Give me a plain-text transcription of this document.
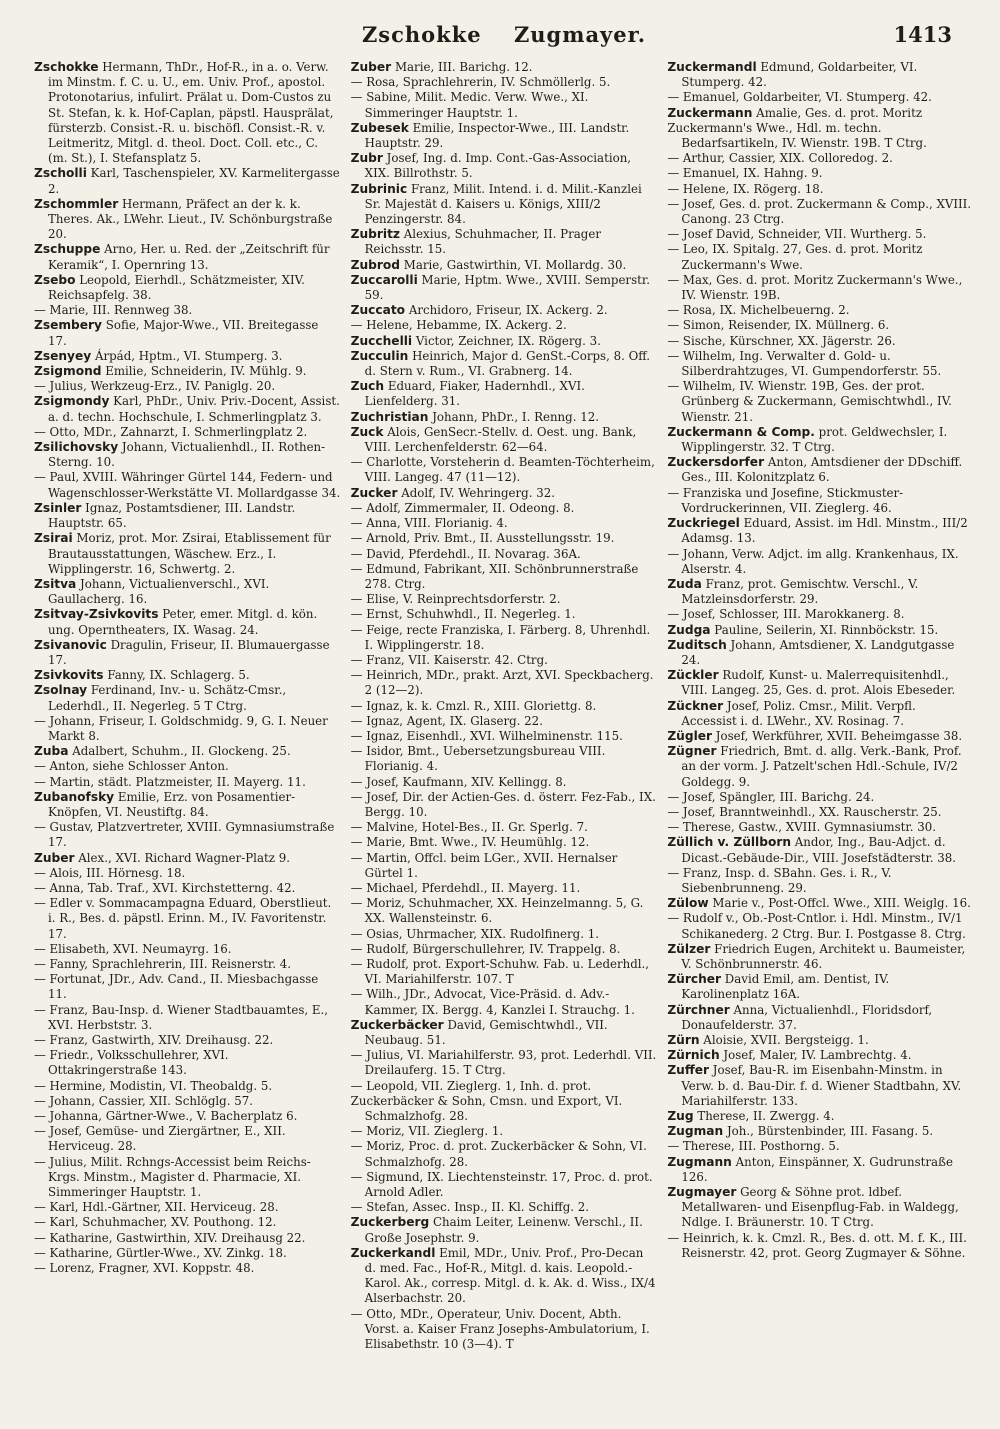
Zschokke Zugmayer.	1413

Zschokke Hermann, ThDr., Hof-R., in a. o. Verw. im Minstm. f. C. u. U., em. Univ. Prof., apostol. Protonotarius, infulirt. Prälat u. Dom-Custos zu St. Stefan, k. k. Hof-Caplan, päpstl. Hausprälat, fürsterzb. Consist.-R. u. bischöfl. Consist.-R. v. Leitmeritz, Mitgl. d. theol. Doct. Coll. etc., C. (m. St.), I. Stefansplatz 5.

Zscholli Karl, Taschenspieler, XV. Karmelitergasse 2.

Zschommler Hermann, Präfect an der k. k. Theres. Ak., LWehr. Lieut., IV. Schönburgstraße 20.

Zschuppe Arno, Her. u. Red. der „Zeitschrift für Keramik“, I. Opernring 13.

Zsebo Leopold, Eierhdl., Schätzmeister, XIV. Reichsapfelg. 38.

— Marie, III. Rennweg 38.

Zsembery Sofie, Major-Wwe., VII. Breitegasse 17.

Zsenyey Árpád, Hptm., VI. Stumperg. 3.

Zsigmond Emilie, Schneiderin, IV. Mühlg. 9.

— Julius, Werkzeug-Erz., IV. Paniglg. 20.

Zsigmondy Karl, PhDr., Univ. Priv.-Docent, Assist. a. d. techn. Hochschule, I. Schmerlingplatz 3.

— Otto, MDr., Zahnarzt, I. Schmerlingplatz 2.

Zsilichovsky Johann, Victualienhdl., II. Rothen-Sterng. 10.

— Paul, XVIII. Währinger Gürtel 144, Federn- und Wagenschlosser-Werkstätte VI. Mollardgasse 34.

Zsinler Ignaz, Postamtsdiener, III. Landstr. Hauptstr. 65.

Zsirai Moriz, prot. Mor. Zsirai, Etablissement für Brautausstattungen, Wäschew. Erz., I. Wipplingerstr. 16, Schwertg. 2.

Zsitva Johann, Victualienverschl., XVI. Gaullacherg. 16.

Zsitvay-Zsivkovits Peter, emer. Mitgl. d. kön. ung. Operntheaters, IX. Wasag. 24.

Zsivanovic Dragulin, Friseur, II. Blumauergasse 17.

Zsivkovits Fanny, IX. Schlagerg. 5.

Zsolnay Ferdinand, Inv.- u. Schätz-Cmsr., Lederhdl., II. Negerleg. 5 T Ctrg.

— Johann, Friseur, I. Goldschmidg. 9, G. I. Neuer Markt 8.

Zuba Adalbert, Schuhm., II. Glockeng. 25.

— Anton, siehe Schlosser Anton.

— Martin, städt. Platzmeister, II. Mayerg. 11.

Zubanofsky Emilie, Erz. von Posamentier-Knöpfen, VI. Neustiftg. 84.

— Gustav, Platzvertreter, XVIII. Gymnasiumstraße 17.

Zuber Alex., XVI. Richard Wagner-Platz 9.

— Alois, III. Hörnesg. 18.

— Anna, Tab. Traf., XVI. Kirchstetterng. 42.

— Edler v. Sommacampagna Eduard, Oberstlieut. i. R., Bes. d. päpstl. Erinn. M., IV. Favoritenstr. 17.

— Elisabeth, XVI. Neumayrg. 16.

— Fanny, Sprachlehrerin, III. Reisnerstr. 4.

— Fortunat, JDr., Adv. Cand., II. Miesbachgasse 11.

— Franz, Bau-Insp. d. Wiener Stadtbauamtes, E., XVI. Herbststr. 3.

— Franz, Gastwirth, XIV. Dreihausg. 22.

— Friedr., Volksschullehrer, XVI. Ottakringerstraße 143.

— Hermine, Modistin, VI. Theobaldg. 5.

— Johann, Cassier, XII. Schlöglg. 57.

— Johanna, Gärtner-Wwe., V. Bacherplatz 6.

— Josef, Gemüse- und Ziergärtner, E., XII. Herviceug. 28.

— Julius, Milit. Rchngs-Accessist beim Reichs-Krgs. Minstm., Magister d. Pharmacie, XI. Simmeringer Hauptstr. 1.

— Karl, Hdl.-Gärtner, XII. Herviceug. 28.

— Karl, Schuhmacher, XV. Pouthong. 12.

— Katharine, Gastwirthin, XIV. Dreihausg 22.

— Katharine, Gürtler-Wwe., XV. Zinkg. 18.

— Lorenz, Fragner, XVI. Koppstr. 48.

Zuber Marie, III. Barichg. 12.

— Rosa, Sprachlehrerin, IV. Schmöllerlg. 5.

— Sabine, Milit. Medic. Verw. Wwe., XI. Simmeringer Hauptstr. 1.

Zubesek Emilie, Inspector-Wwe., III. Landstr. Hauptstr. 29.

Zubr Josef, Ing. d. Imp. Cont.-Gas-Association, XIX. Billrothstr. 5.

Zubrinic Franz, Milit. Intend. i. d. Milit.-Kanzlei Sr. Majestät d. Kaisers u. Königs, XIII/2 Penzingerstr. 84.

Zubritz Alexius, Schuhmacher, II. Prager Reichsstr. 15.

Zubrod Marie, Gastwirthin, VI. Mollardg. 30.

Zuccarolli Marie, Hptm. Wwe., XVIII. Semperstr. 59.

Zuccato Archidoro, Friseur, IX. Ackerg. 2.

— Helene, Hebamme, IX. Ackerg. 2.

Zucchelli Victor, Zeichner, IX. Rögerg. 3.

Zucculin Heinrich, Major d. GenSt.-Corps, 8. Off. d. Stern v. Rum., VI. Grabnerg. 14.

Zuch Eduard, Fiaker, Hadernhdl., XVI. Lienfelderg. 31.

Zuchristian Johann, PhDr., I. Renng. 12.

Zuck Alois, GenSecr.-Stellv. d. Oest. ung. Bank, VIII. Lerchenfelderstr. 62—64.

— Charlotte, Vorsteherin d. Beamten-Töchterheim, VIII. Langeg. 47 (11—12).

Zucker Adolf, IV. Wehringerg. 32.

— Adolf, Zimmermaler, II. Odeong. 8.

— Anna, VIII. Florianig. 4.

— Arnold, Priv. Bmt., II. Ausstellungsstr. 19.

— David, Pferdehdl., II. Novarag. 36A.

— Edmund, Fabrikant, XII. Schönbrunnerstraße 278. Ctrg.

— Elise, V. Reinprechtsdorferstr. 2.

— Ernst, Schuhwhdl., II. Negerleg. 1.

— Feige, recte Franziska, I. Färberg. 8, Uhrenhdl. I. Wipplingerstr. 18.

— Franz, VII. Kaiserstr. 42. Ctrg.

— Heinrich, MDr., prakt. Arzt, XVI. Speckbacherg. 2 (12—2).

— Ignaz, k. k. Cmzl. R., XIII. Gloriettg. 8.

— Ignaz, Agent, IX. Glaserg. 22.

— Ignaz, Eisenhdl., XVI. Wilhelminenstr. 115.

— Isidor, Bmt., Uebersetzungsbureau VIII. Florianig. 4.

— Josef, Kaufmann, XIV. Kellingg. 8.

— Josef, Dir. der Actien-Ges. d. österr. Fez-Fab., IX. Bergg. 10.

— Malvine, Hotel-Bes., II. Gr. Sperlg. 7.

— Marie, Bmt. Wwe., IV. Heumühlg. 12.

— Martin, Offcl. beim LGer., XVII. Hernalser Gürtel 1.

— Michael, Pferdehdl., II. Mayerg. 11.

— Moriz, Schuhmacher, XX. Heinzelmanng. 5, G. XX. Wallensteinstr. 6.

— Osias, Uhrmacher, XIX. Rudolfinerg. 1.

— Rudolf, Bürgerschullehrer, IV. Trappelg. 8.

— Rudolf, prot. Export-Schuhw. Fab. u. Lederhdl., VI. Mariahilferstr. 107. T

— Wilh., JDr., Advocat, Vice-Präsid. d. Adv.-Kammer, IX. Bergg. 4, Kanzlei I. Strauchg. 1.

Zuckerbäcker David, Gemischtwhdl., VII. Neubaug. 51.

— Julius, VI. Mariahilferstr. 93, prot. Lederhdl. VII. Dreilauferg. 15. T Ctrg.

— Leopold, VII. Zieglerg. 1, Inh. d. prot.

Zuckerbäcker & Sohn, Cmsn. und Export, VI. Schmalzhofg. 28.

— Moriz, VII. Zieglerg. 1.

— Moriz, Proc. d. prot. Zuckerbäcker & Sohn, VI. Schmalzhofg. 28.

— Sigmund, IX. Liechtensteinstr. 17, Proc. d. prot. Arnold Adler.

— Stefan, Assec. Insp., II. Kl. Schiffg. 2.

Zuckerberg Chaim Leiter, Leinenw. Verschl., II. Große Josephstr. 9.

Zuckerkandl Emil, MDr., Univ. Prof., Pro-Decan d. med. Fac., Hof-R., Mitgl. d. kais. Leopold.-Karol. Ak., corresp. Mitgl. d. k. Ak. d. Wiss., IX/4 Alserbachstr. 20.

— Otto, MDr., Operateur, Univ. Docent, Abth. Vorst. a. Kaiser Franz Josephs-Ambulatorium, I. Elisabethstr. 10 (3—4). T

Zuckermandl Edmund, Goldarbeiter, VI. Stumperg. 42.

— Emanuel, Goldarbeiter, VI. Stumperg. 42.

Zuckermann Amalie, Ges. d. prot. Moritz

Zuckermann's Wwe., Hdl. m. techn. Bedarfsartikeln, IV. Wienstr. 19B. T Ctrg.

— Arthur, Cassier, XIX. Colloredog. 2.

— Emanuel, IX. Hahng. 9.

— Helene, IX. Rögerg. 18.

— Josef, Ges. d. prot. Zuckermann & Comp., XVIII. Canong. 23 Ctrg.

— Josef David, Schneider, VII. Wurtherg. 5.

— Leo, IX. Spitalg. 27, Ges. d. prot. Moritz Zuckermann's Wwe.

— Max, Ges. d. prot. Moritz Zuckermann's Wwe., IV. Wienstr. 19B.

— Rosa, IX. Michelbeuerng. 2.

— Simon, Reisender, IX. Müllnerg. 6.

— Sische, Kürschner, XX. Jägerstr. 26.

— Wilhelm, Ing. Verwalter d. Gold- u. Silberdrahtzuges, VI. Gumpendorferstr. 55.

— Wilhelm, IV. Wienstr. 19B, Ges. der prot. Grünberg & Zuckermann, Gemischtwhdl., IV. Wienstr. 21.

Zuckermann & Comp. prot. Geldwechsler, I. Wipplingerstr. 32. T Ctrg.

Zuckersdorfer Anton, Amtsdiener der DDschiff. Ges., III. Kolonitzplatz 6.

— Franziska und Josefine, Stickmuster-Vordruckerinnen, VII. Zieglerg. 46.

Zuckriegel Eduard, Assist. im Hdl. Minstm., III/2 Adamsg. 13.

— Johann, Verw. Adjct. im allg. Krankenhaus, IX. Alserstr. 4.

Zuda Franz, prot. Gemischtw. Verschl., V. Matzleinsdorferstr. 29.

— Josef, Schlosser, III. Marokkanerg. 8.

Zudga Pauline, Seilerin, XI. Rinnböckstr. 15.

Zuditsch Johann, Amtsdiener, X. Landgutgasse 24.

Zückler Rudolf, Kunst- u. Malerrequisitenhdl., VIII. Langeg. 25, Ges. d. prot. Alois Ebeseder.

Zückner Josef, Poliz. Cmsr., Milit. Verpfl. Accessist i. d. LWehr., XV. Rosinag. 7.

Zügler Josef, Werkführer, XVII. Beheimgasse 38.

Zügner Friedrich, Bmt. d. allg. Verk.-Bank, Prof. an der vorm. J. Patzelt'schen Hdl.-Schule, IV/2 Goldegg. 9.

— Josef, Spängler, III. Barichg. 24.

— Josef, Branntweinhdl., XX. Rauscherstr. 25.

— Therese, Gastw., XVIII. Gymnasiumstr. 30.

Züllich v. Züllborn Andor, Ing., Bau-Adjct. d. Dicast.-Gebäude-Dir., VIII. Josefstädterstr. 38.

— Franz, Insp. d. SBahn. Ges. i. R., V. Siebenbrunneng. 29.

Zülow Marie v., Post-Offcl. Wwe., XIII. Weiglg. 16.

— Rudolf v., Ob.-Post-Cntlor. i. Hdl. Minstm., IV/1 Schikanederg. 2 Ctrg. Bur. I. Postgasse 8. Ctrg.

Zülzer Friedrich Eugen, Architekt u. Baumeister, V. Schönbrunnerstr. 46.

Zürcher David Emil, am. Dentist, IV. Karolinenplatz 16A.

Zürchner Anna, Victualienhdl., Floridsdorf, Donaufelderstr. 37.

Zürn Aloisie, XVII. Bergsteigg. 1.

Zürnich Josef, Maler, IV. Lambrechtg. 4.

Zuffer Josef, Bau-R. im Eisenbahn-Minstm. in Verw. b. d. Bau-Dir. f. d. Wiener Stadtbahn, XV. Mariahilferstr. 133.

Zug Therese, II. Zwergg. 4.

Zugman Joh., Bürstenbinder, III. Fasang. 5.

— Therese, III. Posthorng. 5.

Zugmann Anton, Einspänner, X. Gudrunstraße 126.

Zugmayer Georg & Söhne prot. ldbef. Metallwaren- und Eisenpflug-Fab. in Waldegg, Ndlge. I. Bräunerstr. 10. T Ctrg.

— Heinrich, k. k. Cmzl. R., Bes. d. ott. M. f. K., III. Reisnerstr. 42, prot. Georg Zugmayer & Söhne.
